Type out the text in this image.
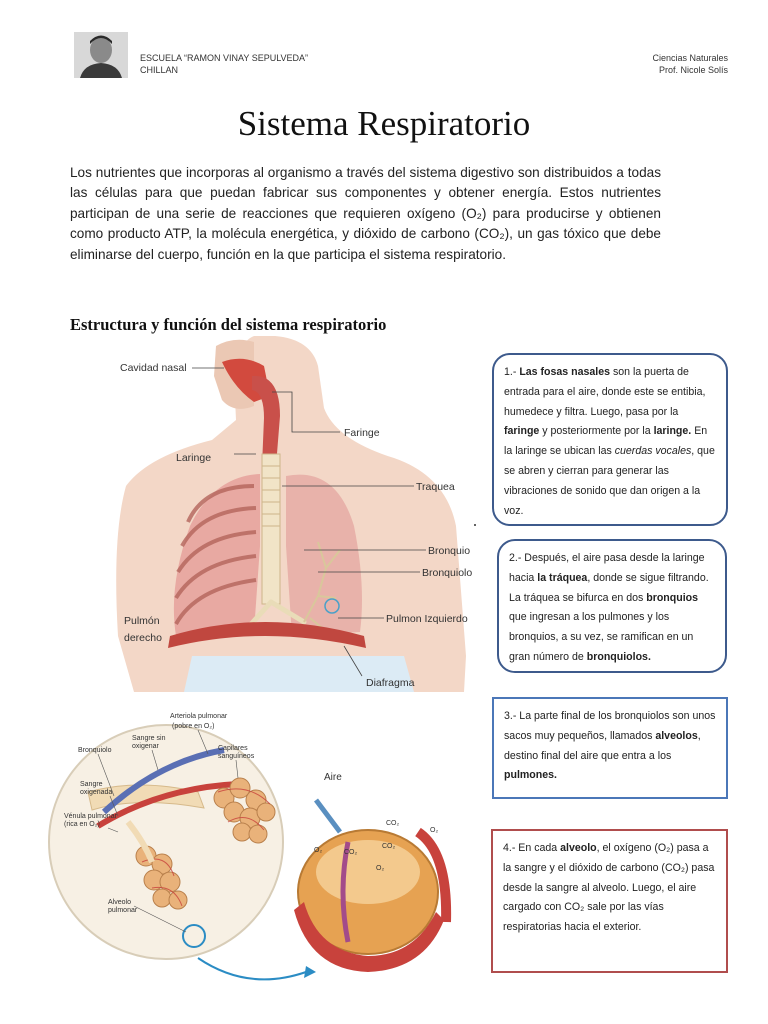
ESCUELA “RAMON VINAY SEPULVEDA”
CHILLAN
Ciencias Naturales
Prof. Nicole Solís
Sistema Respiratorio

Los nutrientes que incorporas al organismo a través del sistema digestivo son distribuidos a todas las células para que puedan fabricar sus componentes y obtener energía. Estos nutrientes participan de una serie de reacciones que requieren oxígeno (O₂) para producirse y obtienen como producto ATP, la molécula energética, y dióxido de carbono (CO₂), un gas tóxico que debe eliminarse del cuerpo, función en la que participa el sistema respiratorio.

Estructura y función del sistema respiratorio
Cavidad nasal
Faringe
Laringe
Traquea
Bronquio
Bronquiolo
Pulmón
derecho
Pulmon Izquierdo
Diafragma
CO₂
O₂
O₂	CO₂
CO₂
O₂
Aire
Arteriola pulmonar
(pobre en O₂)
Sangre sin
oxigenar	Capilares
sanguíneos
Bronquiolo
Sangre
oxigenada
Vénula pulmonar
(rica en O₂)
Alveolo
pulmonar
1.- Las fosas nasales son la puerta de entrada para el aire, donde este se entibia, humedece y filtra. Luego, pasa por la faringe y posteriormente por la laringe. En la laringe se ubican las cuerdas vocales, que se abren y cierran para generar las vibraciones de sonido que dan origen a la voz.
2.- Después, el aire pasa desde la laringe hacia la tráquea, donde se sigue filtrando. La tráquea se bifurca en dos bronquios que ingresan a los pulmones y los bronquios, a su vez, se ramifican en un gran número de bronquiolos.
3.- La parte final de los bronquiolos son unos sacos muy pequeños, llamados alveolos, destino final del aire que entra a los pulmones.
4.- En cada alveolo, el oxígeno (O₂) pasa a la sangre y el dióxido de carbono (CO₂) pasa desde la sangre al alveolo. Luego, el aire cargado con CO₂ sale por las vías respiratorias hacia el exterior.
